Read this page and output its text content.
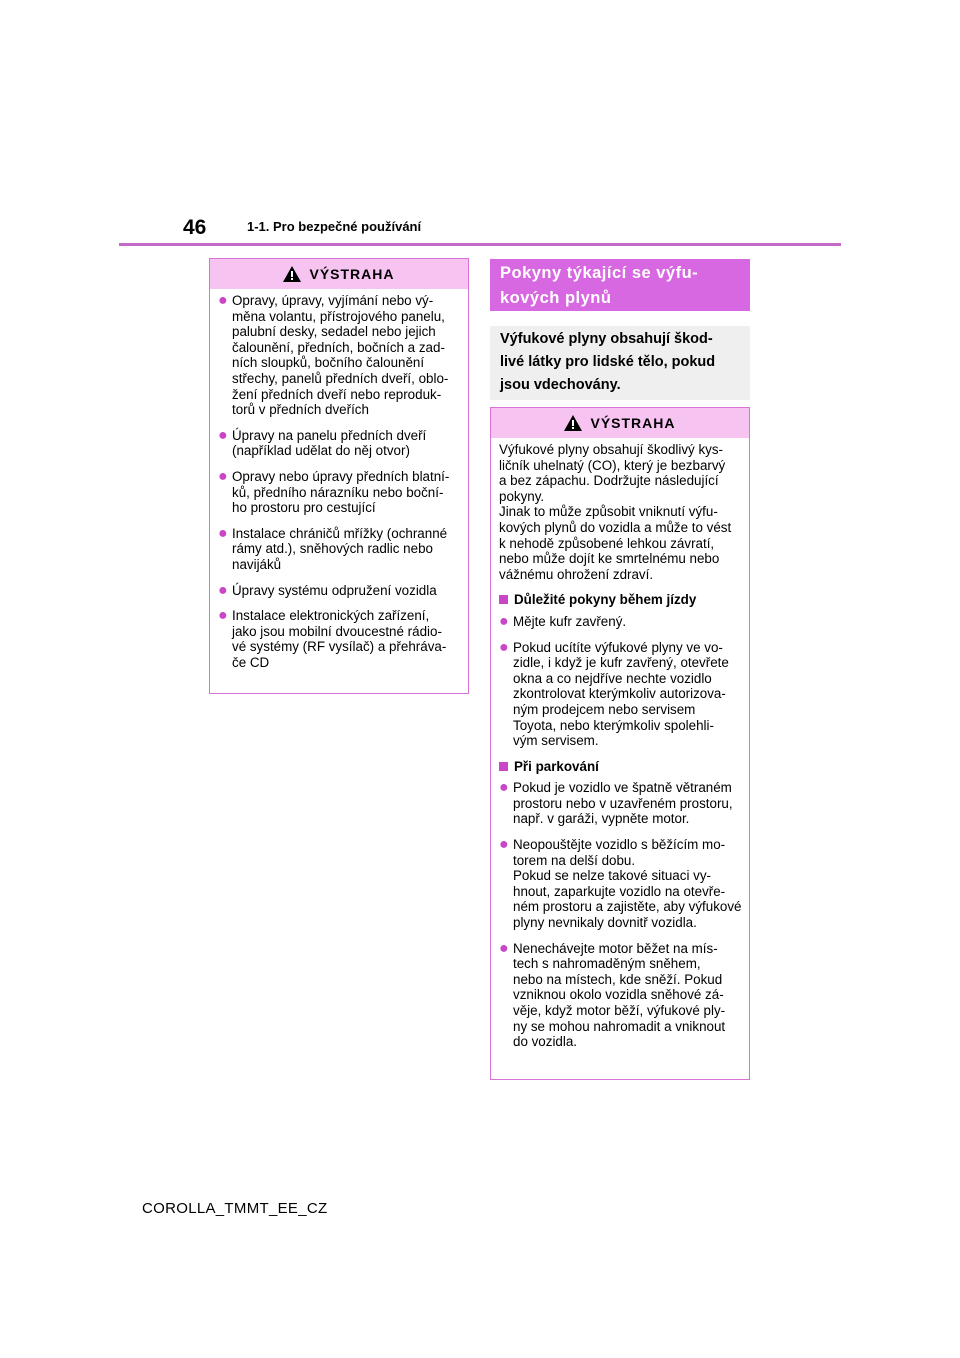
46	1-1. Pro bezpečné používání
VÝSTRAHA
● Opravy, úpravy, vyjímání nebo vý-
měna volantu, přístrojového panelu,
palubní desky, sedadel nebo jejich
čalounění, předních, bočních a zad-
ních sloupků, bočního čalounění
střechy, panelů předních dveří, oblo-
žení předních dveří nebo reproduk-
torů v předních dveřích
● Úpravy na panelu předních dveří
(například udělat do něj otvor)
● Opravy nebo úpravy předních blatní-
ků, předního nárazníku nebo boční-
ho prostoru pro cestující
● Instalace chráničů mřížky (ochranné
rámy atd.), sněhových radlic nebo
navijáků
● Úpravy systému odpružení vozidla
● Instalace elektronických zařízení,
jako jsou mobilní dvoucestné rádio-
vé systémy (RF vysílač) a přehráva-
če CD
Pokyny týkající se výfu-
kových plynů
Výfukové plyny obsahují škod-
livé látky pro lidské tělo, pokud
jsou vdechovány.
VÝSTRAHA
Výfukové plyny obsahují škodlivý kys-
ličník uhelnatý (CO), který je bezbarvý
a bez zápachu. Dodržujte následující
pokyny.
Jinak to může způsobit vniknutí výfu-
kových plynů do vozidla a může to vést
k nehodě způsobené lehkou závratí,
nebo může dojít ke smrtelnému nebo
vážnému ohrožení zdraví.
Důležité pokyny během jízdy
● Mějte kufr zavřený.
● Pokud ucítíte výfukové plyny ve vo-
zidle, i když je kufr zavřený, otevřete
okna a co nejdříve nechte vozidlo
zkontrolovat kterýmkoliv autorizova-
ným prodejcem nebo servisem
Toyota, nebo kterýmkoliv spolehli-
vým servisem.
Při parkování
● Pokud je vozidlo ve špatně větraném
prostoru nebo v uzavřeném prostoru,
např. v garáži, vypněte motor.
● Neopouštějte vozidlo s běžícím mo-
torem na delší dobu.
Pokud se nelze takové situaci vy-
hnout, zaparkujte vozidlo na otevře-
ném prostoru a zajistěte, aby výfukové
plyny nevnikaly dovnitř vozidla.
● Nenechávejte motor běžet na mís-
tech s nahromaděným sněhem,
nebo na místech, kde sněží. Pokud
vzniknou okolo vozidla sněhové zá-
věje, když motor běží, výfukové ply-
ny se mohou nahromadit a vniknout
do vozidla.
COROLLA_TMMT_EE_CZ
